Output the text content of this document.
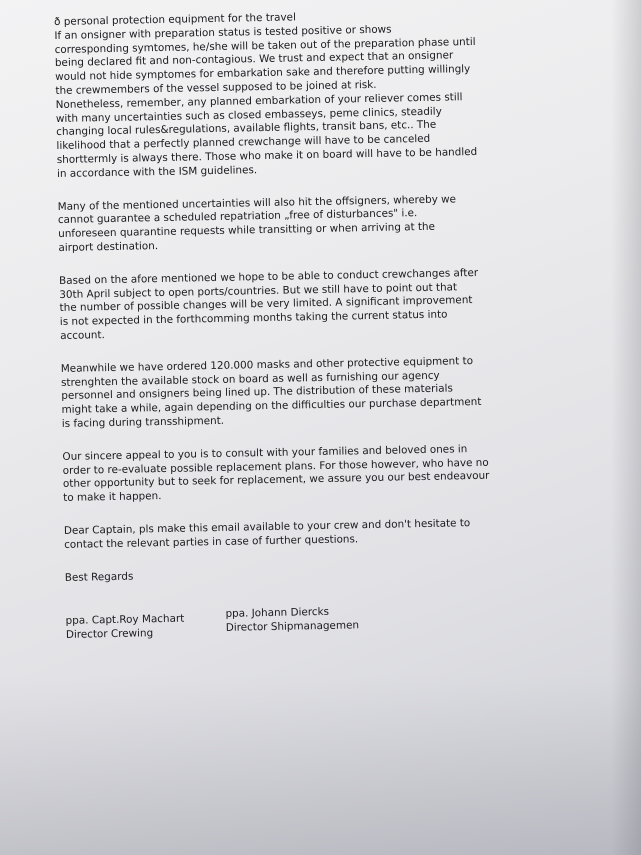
ð personal protection equipment for the travel
If an onsigner with preparation status is tested positive or shows
corresponding symtomes, he/she will be taken out of the preparation phase until
being declared fit and non-contagious. We trust and expect that an onsigner
would not hide symptomes for embarkation sake and therefore putting willingly
the crewmembers of the vessel supposed to be joined at risk.
Nonetheless, remember, any planned embarkation of your reliever comes still
with many uncertainties such as closed embasseys, peme clinics, steadily
changing local rules&regulations, available flights, transit bans, etc.. The
likelihood that a perfectly planned crewchange will have to be canceled
shorttermly is always there. Those who make it on board will have to be handled
in accordance with the ISM guidelines.

Many of the mentioned uncertainties will also hit the offsigners, whereby we
cannot guarantee a scheduled repatriation „free of disturbances" i.e.
unforeseen quarantine requests while transitting or when arriving at the
airport destination.

Based on the afore mentioned we hope to be able to conduct crewchanges after
30th April subject to open ports/countries. But we still have to point out that
the number of possible changes will be very limited. A significant improvement
is not expected in the forthcomming months taking the current status into
account.

Meanwhile we have ordered 120.000 masks and other protective equipment to
strenghten the available stock on board as well as furnishing our agency
personnel and onsigners being lined up. The distribution of these materials
might take a while, again depending on the difficulties our purchase department
is facing during transshipment.

Our sincere appeal to you is to consult with your families and beloved ones in
order to re-evaluate possible replacement plans. For those however, who have no
other opportunity but to seek for replacement, we assure you our best endeavour
to make it happen.

Dear Captain, pls make this email available to your crew and don't hesitate to
contact the relevant parties in case of further questions.

Best Regards

ppa. Capt.Roy Machart
Director Crewing
ppa. Johann Diercks
Director Shipmanagemen
